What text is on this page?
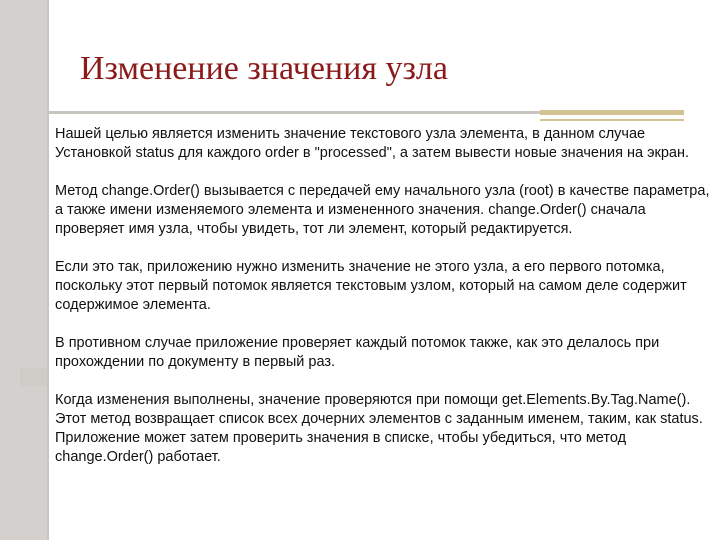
Изменение значения узла

Нашей целью является изменить значение текстового узла элемента, в данном случае Установкой status для каждого order в "processed", а затем вывести новые значения на экран.

Метод change.Order() вызывается с передачей ему начального узла (root) в качестве параметра, а также имени изменяемого элемента и измененного значения. change.Order() сначала проверяет имя узла, чтобы увидеть, тот ли элемент, который редактируется.

Если это так, приложению нужно изменить значение не этого узла, а его первого потомка, поскольку этот первый потомок является текстовым узлом, который на самом деле содержит содержимое элемента.

В противном случае приложение проверяет каждый потомок также, как это делалось при прохождении по документу в первый раз.

Когда изменения выполнены, значение проверяются при помощи get.Elements.By.Tag.Name(). Этот метод возвращает список всех дочерних элементов с заданным именем, таким, как status.

Приложение может затем проверить значения в списке, чтобы убедиться, что метод change.Order() работает.
